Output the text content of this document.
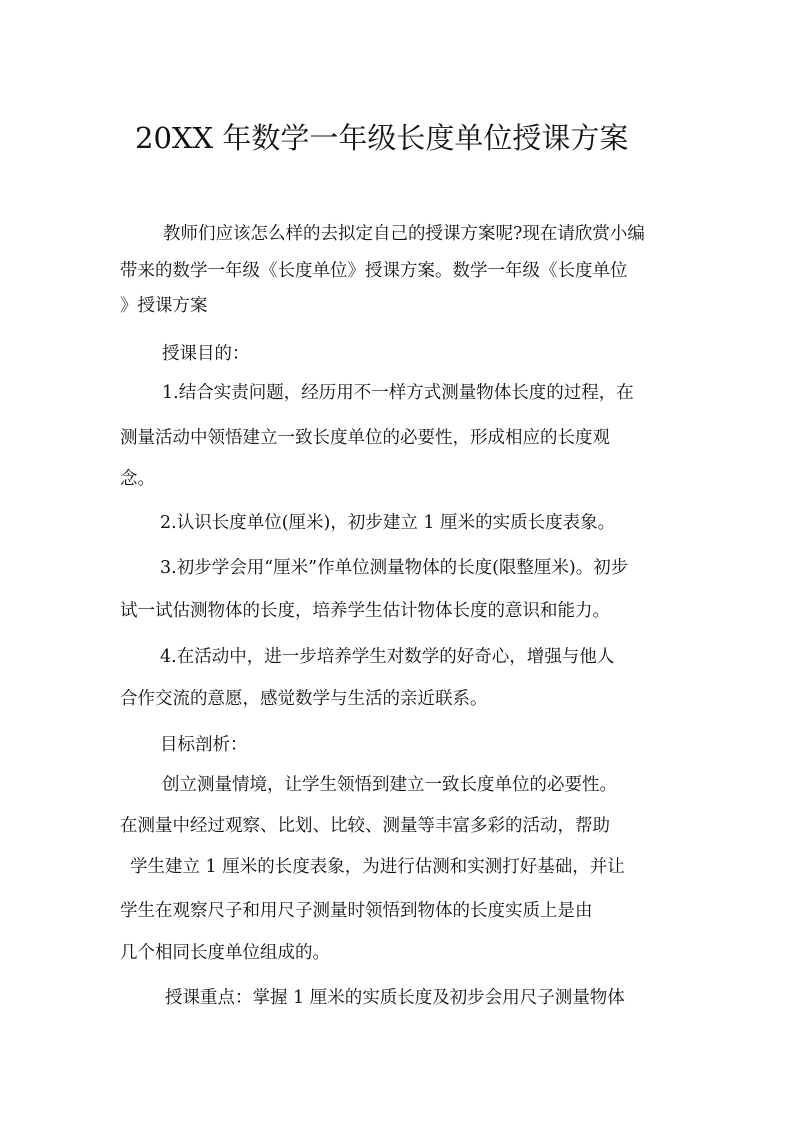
20XX 年数学一年级长度单位授课方案

教师们应该怎么样的去拟定自己的授课方案呢?现在请欣赏小编

带来的数学一年级《长度单位》授课方案。数学一年级《长度单位

》授课方案

授课目的：

1.结合实责问题，经历用不一样方式测量物体长度的过程，在

测量活动中领悟建立一致长度单位的必要性，形成相应的长度观

念。

2.认识长度单位(厘米)，初步建立 1 厘米的实质长度表象。

3.初步学会用“厘米”作单位测量物体的长度(限整厘米)。初步

试一试估测物体的长度，培养学生估计物体长度的意识和能力。

4.在活动中，进一步培养学生对数学的好奇心，增强与他人

合作交流的意愿，感觉数学与生活的亲近联系。

目标剖析：

创立测量情境，让学生领悟到建立一致长度单位的必要性。

在测量中经过观察、比划、比较、测量等丰富多彩的活动，帮助

学生建立 1 厘米的长度表象，为进行估测和实测打好基础，并让

学生在观察尺子和用尺子测量时领悟到物体的长度实质上是由

几个相同长度单位组成的。

授课重点：掌握 1 厘米的实质长度及初步会用尺子测量物体
